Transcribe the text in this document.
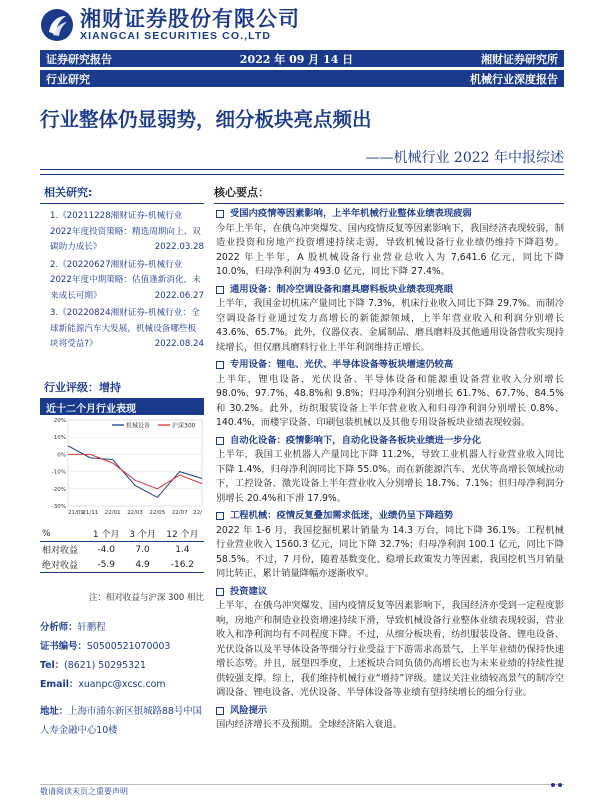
湘财证券股份有限公司
XIANGCAI SECURITIES CO.,LTD
证券研究报告	2022 年 09 月 14 日	湘财证券研究所
行业研究	机械行业深度报告
行业整体仍显弱势，细分板块亮点频出
——机械行业 2022 年中报综述
相关研究:
1.《20211228湘财证券-机械行业2022年度投资策略：精选周期向上、双碳助力成长》	2022.03.28
2.《20220627湘财证券-机械行业2022年度中期策略：估值逢新消化，未来成长可期》	2022.06.27
3.《20220824湘财证券-机械行业：全球新能源汽车大发展，机械设备哪些板块将受益?》	2022.08.24
行业评级：增持
近十二个月行业表现
20%
10%
0%
-10%
-20%
-30%
21/09
21/11 22/01 22/03 22/05 22/07 22/
机械设备	沪深300
%	1 个月	3 个月	12 个月
相对收益	-4.0	7.0	1.4
绝对收益	-5.9	4.9	-16.2
注：相对收益与沪深 300 相比
分析师：轩鹏程
证书编号：S0500521070003
Tel：(8621) 50295321
Email：xuanpc@xcsc.com
地址：上海市浦东新区银城路88号中国人寿金融中心10楼
核心要点：
受国内疫情等因素影响，上半年机械行业整体业绩表现疲弱
今年上半年，在俄乌冲突爆发、国内疫情反复等因素影响下，我国经济表现较弱，制造业投资和房地产投资增速持续走弱，导致机械设备行业业绩仍维持下降趋势。2022 年上半年，A 股机械设备行业营业总收入为 7,641.6 亿元，同比下降 10.0%，归母净利润为 493.0 亿元，同比下降 27.4%。
通用设备：制冷空调设备和磨具磨料板块业绩表现亮眼
上半年，我国金切机床产量同比下降 7.3%，机床行业收入同比下降 29.7%。而制冷空调设备行业通过发力高增长的新能源领域，上半年营业收入和利润分别增长 43.6%、65.7%。此外，仪器仪表、金属制品、磨具磨料及其他通用设备营收实现持续增长，但仅磨具磨料行业上半年利润维持正增长。
专用设备：锂电、光伏、半导体设备等板块增速仍较高
上半年，锂电设备、光伏设备、半导体设备和能源重设备营业收入分别增长 98.0%、97.7%、48.8%和 9.8%；归母净利润分别增长 61.7%、67.7%、84.5%和 30.2%。此外，纺织服装设备上半年营业收入和归母净利润分别增长 0.8%、140.4%，而楼宇设备、印刷包装机械以及其他专用设备板块业绩表现较弱。
自动化设备：疫情影响下，自动化设备各板块业绩进一步分化
上半年，我国工业机器人产量同比下降 11.2%，导致工业机器人行业营业收入同比下降 1.4%，归母净利润同比下降 55.0%。而在新能源汽车、光伏等高增长领域拉动下，工控设备、激光设备上半年营业收入分别增长 18.7%、7.1%；但归母净利润分别增长 20.4%和下滑 17.9%。
工程机械：疫情反复叠加需求低迷，业绩仍呈下降趋势
2022 年 1-6 月，我国挖掘机累计销量为 14.3 万台，同比下降 36.1%。工程机械行业营业收入 1560.3 亿元，同比下降 32.7%；归母净利润 100.1 亿元，同比下降 58.5%。不过，7 月份，随着基数变化、稳增长政策发力等因素，我国挖机当月销量同比转正，累计销量降幅亦逐渐收窄。
投资建议
上半年，在俄乌冲突爆发、国内疫情反复等因素影响下，我国经济亦受到一定程度影响，房地产和制造业投资增速持续下滑，导致机械设备行业整体业绩表现较弱，营业收入和净利润均有不同程度下降。不过，从细分板块看，纺织服装设备、锂电设备、光伏设备以及半导体设备等细分行业受益于下游需求高景气，上半年业绩仍保持快速增长态势。并且，展望四季度，上述板块合同负债仍高增长也为未来业绩的持续性提供较强支撑。综上，我们维持机械行业“增持”评级。建议关注业绩较高景气的制冷空调设备、锂电设备、光伏设备、半导体设备等业绩有望持续增长的细分行业。
风险提示
国内经济增长不及预期。全球经济陷入衰退。
敬请阅读末页之重要声明
